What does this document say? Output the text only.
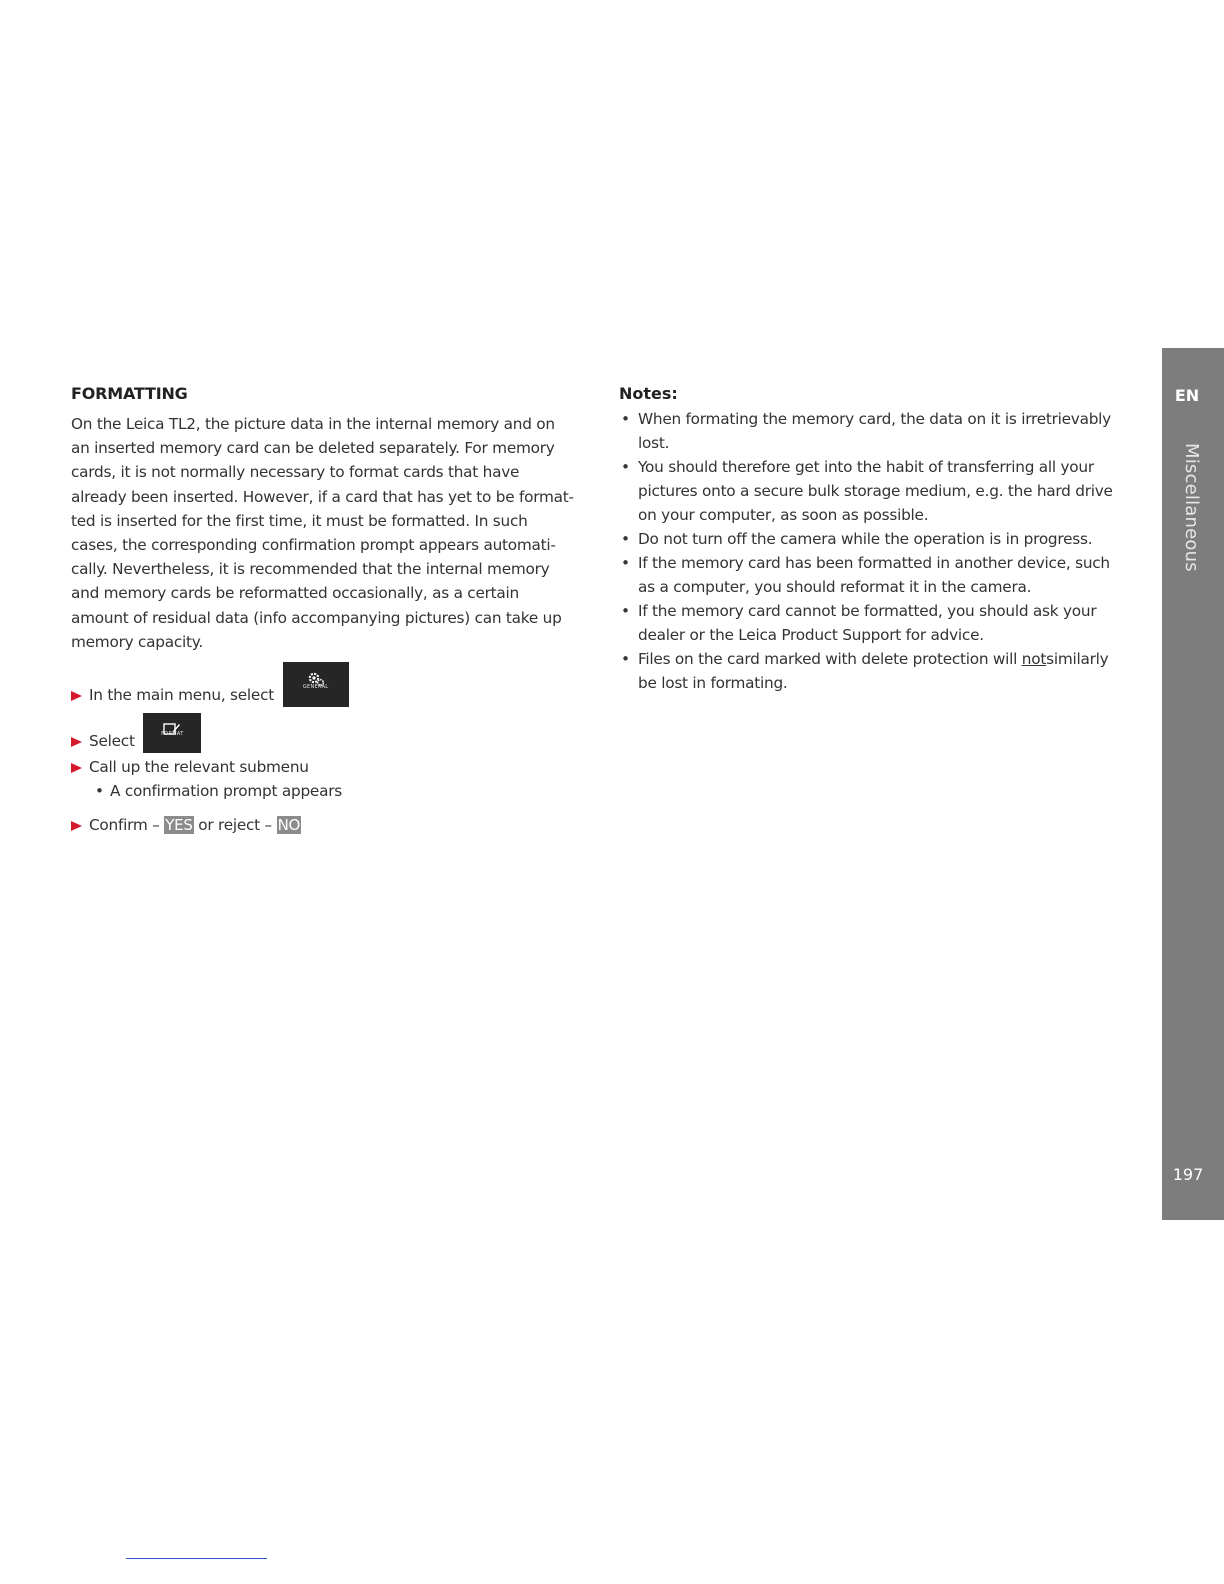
FORMATTING

On the Leica TL2, the picture data in the internal memory and on
an inserted memory card can be deleted separately. For memory
cards, it is not normally necessary to format cards that have
already been inserted. However, if a card that has yet to be format-
ted is inserted for the first time, it must be formatted. In such
cases, the corresponding confirmation prompt appears automati-
cally. Nevertheless, it is recommended that the internal memory
and memory cards be reformatted occasionally, as a certain
amount of residual data (info accompanying pictures) can take up
memory capacity.

In the main menu, select	GENERAL
Select	FORMAT
Call up the relevant submenu
• A confirmation prompt appears
Confirm – YES or reject – NO
Notes:
• When formating the memory card, the data on it is irretrievably
lost.
• You should therefore get into the habit of transferring all your
pictures onto a secure bulk storage medium, e.g. the hard drive
on your computer, as soon as possible.
• Do not turn off the camera while the operation is in progress.
• If the memory card has been formatted in another device, such
as a computer, you should reformat it in the camera.
• If the memory card cannot be formatted, you should ask your
dealer or the Leica Product Support for advice.
• Files on the card marked with delete protection will notsimilarly
be lost in formating.
EN
Miscellaneous
197
